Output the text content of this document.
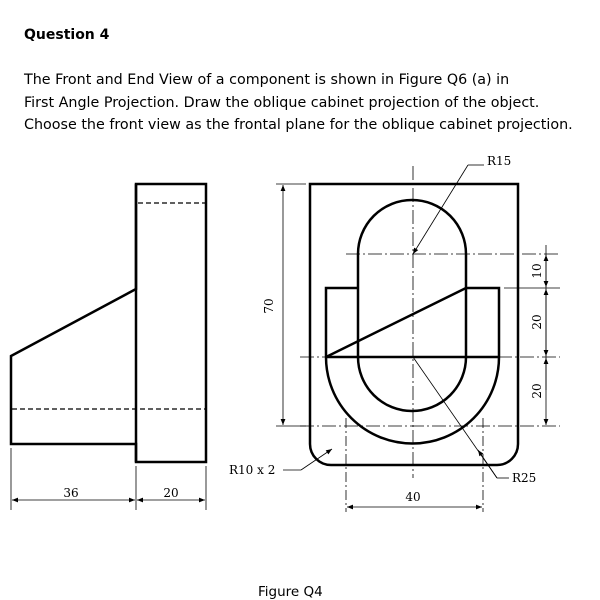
Question 4
The Front and End View of a component is shown in Figure Q6 (a) in
First Angle Projection. Draw the oblique cabinet projection of the object.
Choose the front view as the frontal plane for the oblique cabinet projection.
36	20
70
10
20
20
40
R15
R25
R10 x 2
Figure Q4
